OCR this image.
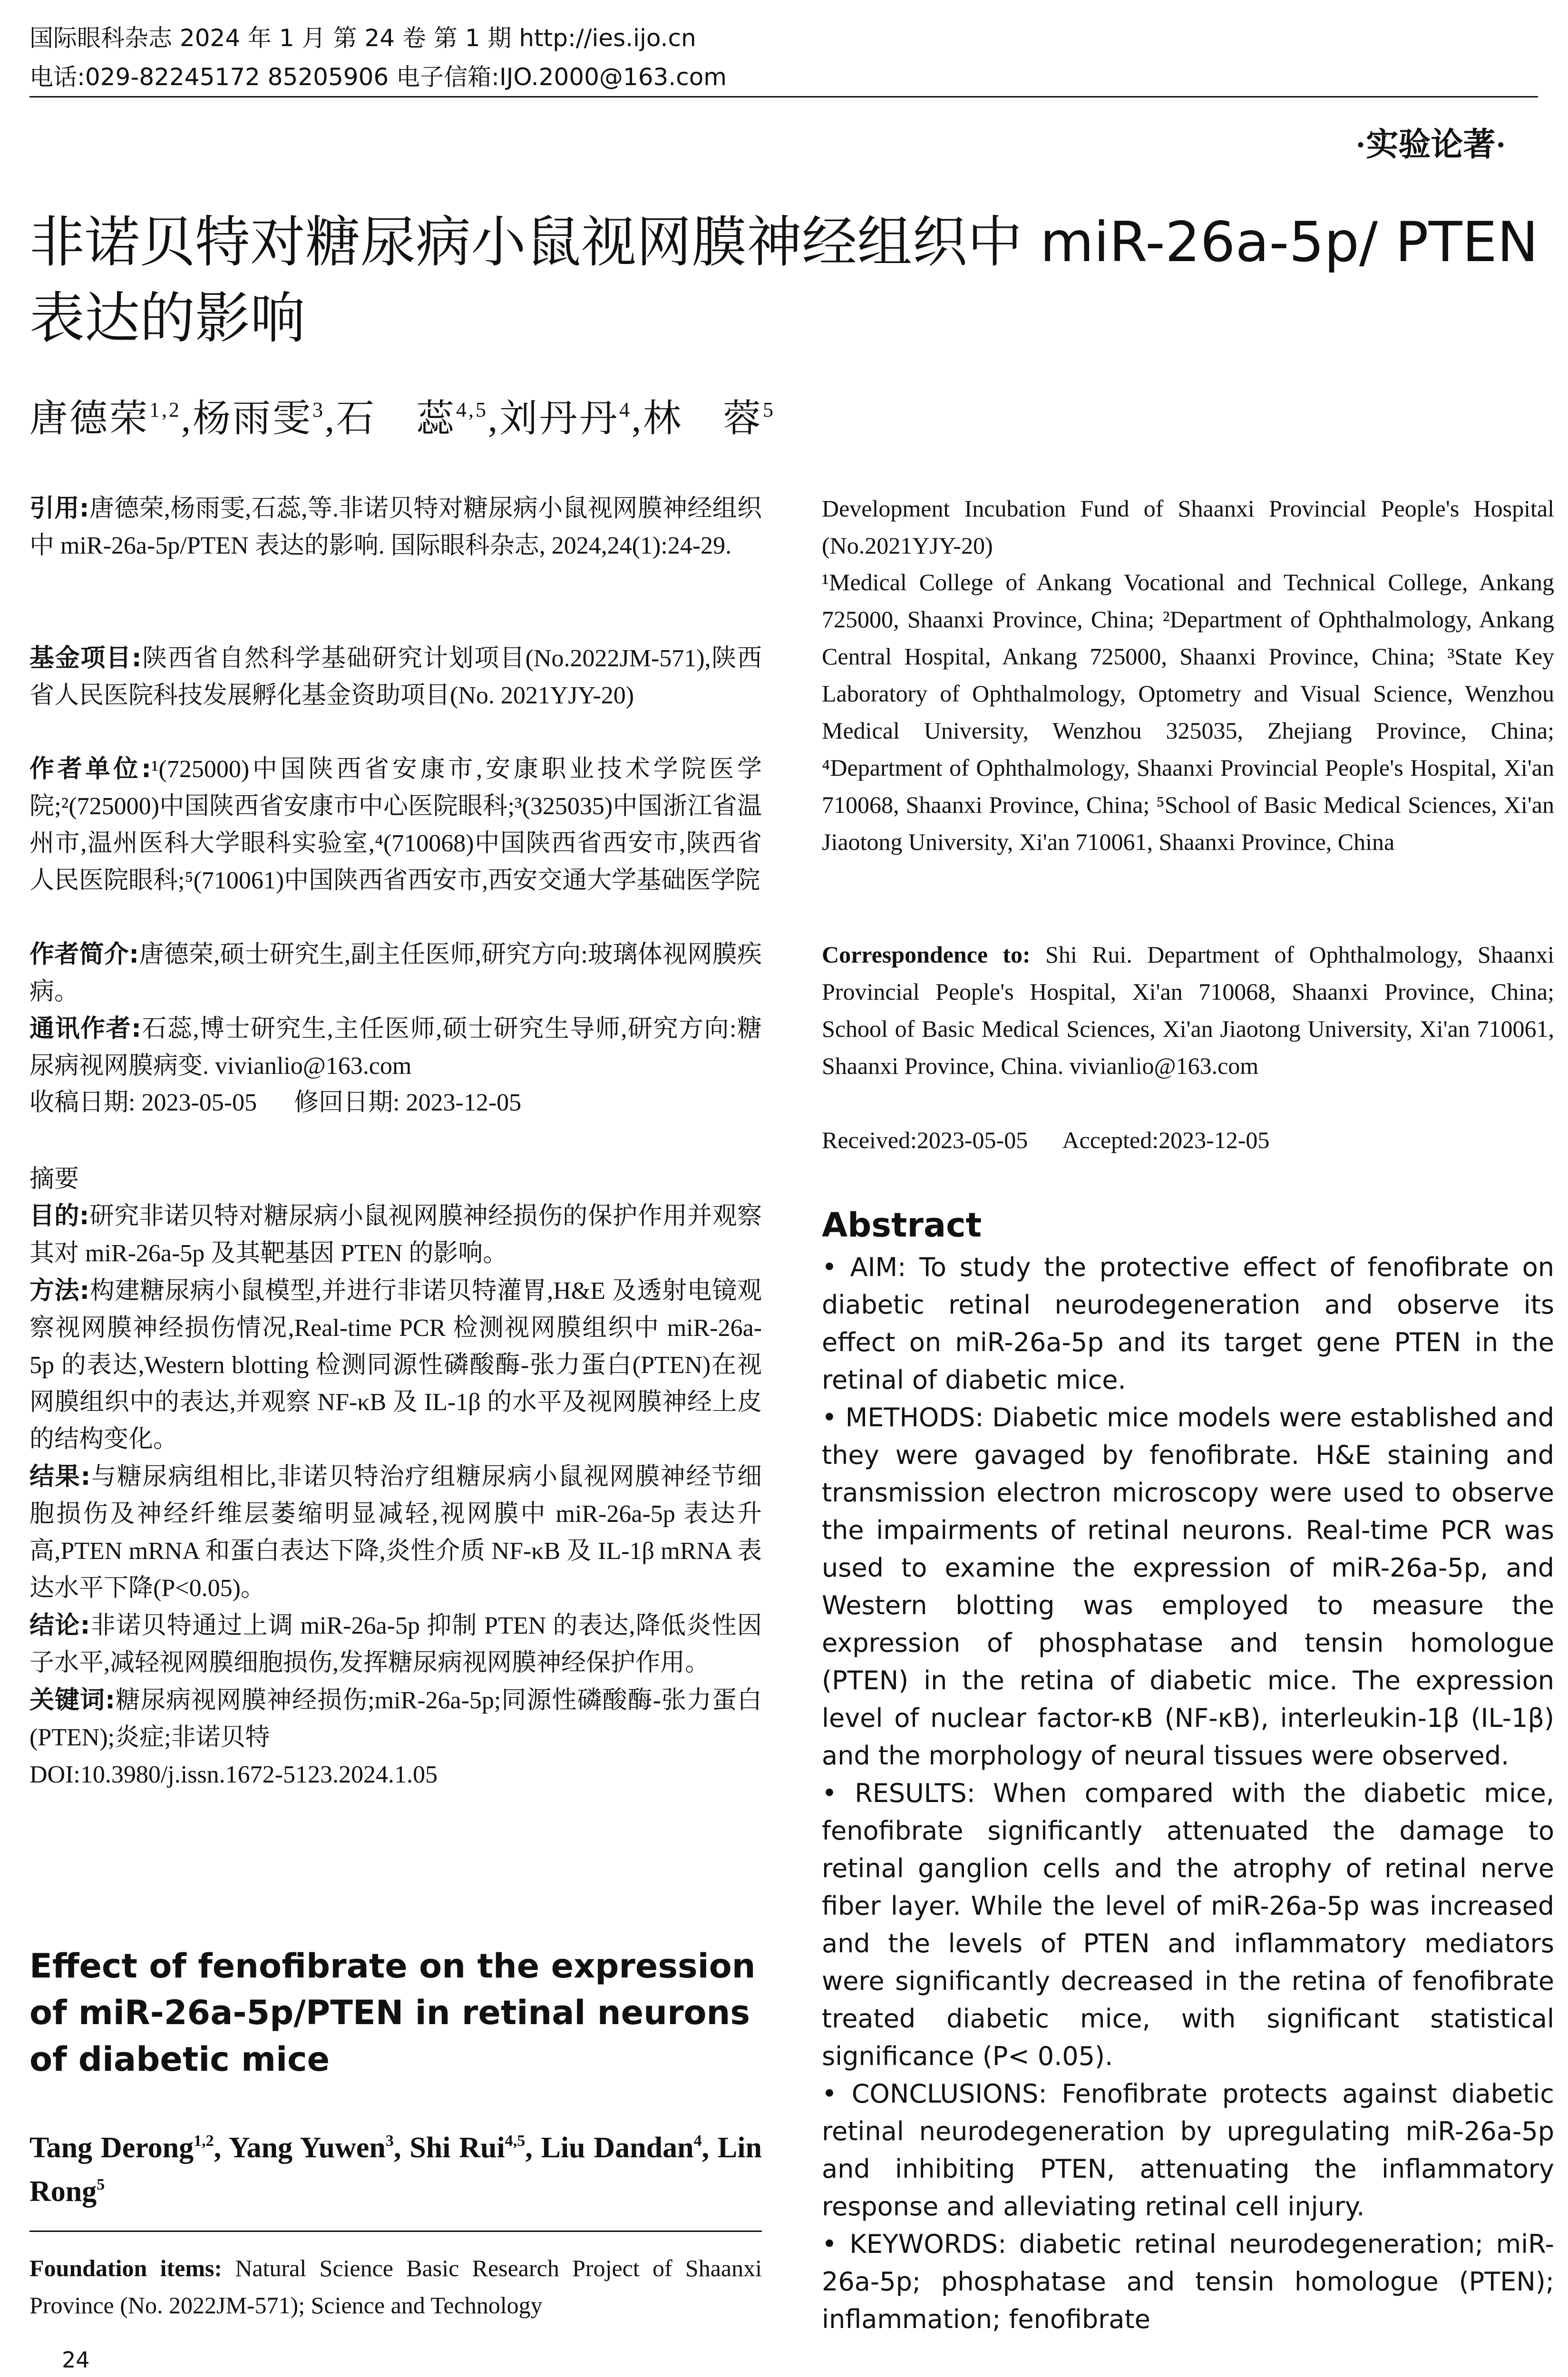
国际眼科杂志 2024 年 1 月 第 24 卷 第 1 期 http://ies.ijo.cn
电话:029-82245172 85205906 电子信箱:IJO.2000@163.com
·实验论著·
非诺贝特对糖尿病小鼠视网膜神经组织中 miR-26a-5p/ PTEN 表达的影响
唐德荣$^{1,2}$,杨雨雯$^3$,石　蕊$^{4,5}$,刘丹丹$^4$,林　蓉$^5$
引用:唐德荣,杨雨雯,石蕊,等.非诺贝特对糖尿病小鼠视网膜神经组织中 miR-26a-5p/PTEN 表达的影响. 国际眼科杂志, 2024,24(1):24-29.
基金项目:陕西省自然科学基础研究计划项目(No.2022JM-571),陕西省人民医院科技发展孵化基金资助项目(No. 2021YJY-20)
作者单位:¹(725000)中国陕西省安康市,安康职业技术学院医学院;²(725000)中国陕西省安康市中心医院眼科;³(325035)中国浙江省温州市,温州医科大学眼科实验室,⁴(710068)中国陕西省西安市,陕西省人民医院眼科;⁵(710061)中国陕西省西安市,西安交通大学基础医学院
作者简介:唐德荣,硕士研究生,副主任医师,研究方向:玻璃体视网膜疾病。
通讯作者:石蕊,博士研究生,主任医师,硕士研究生导师,研究方向:糖尿病视网膜病变. vivianlio@163.com
收稿日期: 2023-05-05      修回日期: 2023-12-05
摘要
目的:研究非诺贝特对糖尿病小鼠视网膜神经损伤的保护作用并观察其对 miR-26a-5p 及其靶基因 PTEN 的影响。
方法:构建糖尿病小鼠模型,并进行非诺贝特灌胃,H&E 及透射电镜观察视网膜神经损伤情况,Real-time PCR 检测视网膜组织中 miR-26a-5p 的表达,Western blotting 检测同源性磷酸酶-张力蛋白(PTEN)在视网膜组织中的表达,并观察 NF-κB 及 IL-1β 的水平及视网膜神经上皮的结构变化。
结果:与糖尿病组相比,非诺贝特治疗组糖尿病小鼠视网膜神经节细胞损伤及神经纤维层萎缩明显减轻,视网膜中 miR-26a-5p 表达升高,PTEN mRNA 和蛋白表达下降,炎性介质 NF-κB 及 IL-1β mRNA 表达水平下降(P<0.05)。
结论:非诺贝特通过上调 miR-26a-5p 抑制 PTEN 的表达,降低炎性因子水平,减轻视网膜细胞损伤,发挥糖尿病视网膜神经保护作用。
关键词:糖尿病视网膜神经损伤;miR-26a-5p;同源性磷酸酶-张力蛋白(PTEN);炎症;非诺贝特
DOI:10.3980/j.issn.1672-5123.2024.1.05
Effect of fenofibrate on the expression of miR-26a-5p/PTEN in retinal neurons of diabetic mice
Tang Derong$^{1,2}$, Yang Yuwen$^3$, Shi Rui$^{4,5}$, Liu Dandan$^4$, Lin Rong$^5$
Foundation items: Natural Science Basic Research Project of Shaanxi Province (No. 2022JM-571); Science and Technology
Development Incubation Fund of Shaanxi Provincial People's Hospital (No.2021YJY-20)
¹Medical College of Ankang Vocational and Technical College, Ankang 725000, Shaanxi Province, China; ²Department of Ophthalmology, Ankang Central Hospital, Ankang 725000, Shaanxi Province, China; ³State Key Laboratory of Ophthalmology, Optometry and Visual Science, Wenzhou Medical University, Wenzhou 325035, Zhejiang Province, China; ⁴Department of Ophthalmology, Shaanxi Provincial People's Hospital, Xi'an 710068, Shaanxi Province, China; ⁵School of Basic Medical Sciences, Xi'an Jiaotong University, Xi'an 710061, Shaanxi Province, China
Correspondence to: Shi Rui. Department of Ophthalmology, Shaanxi Provincial People's Hospital, Xi'an 710068, Shaanxi Province, China; School of Basic Medical Sciences, Xi'an Jiaotong University, Xi'an 710061, Shaanxi Province, China. vivianlio@163.com
Received:2023-05-05      Accepted:2023-12-05
Abstract
• AIM: To study the protective effect of fenofibrate on diabetic retinal neurodegeneration and observe its effect on miR-26a-5p and its target gene PTEN in the retinal of diabetic mice.
• METHODS: Diabetic mice models were established and they were gavaged by fenofibrate. H&E staining and transmission electron microscopy were used to observe the impairments of retinal neurons. Real-time PCR was used to examine the expression of miR-26a-5p, and Western blotting was employed to measure the expression of phosphatase and tensin homologue (PTEN) in the retina of diabetic mice. The expression level of nuclear factor-κB (NF-κB), interleukin-1β (IL-1β) and the morphology of neural tissues were observed.
• RESULTS: When compared with the diabetic mice, fenofibrate significantly attenuated the damage to retinal ganglion cells and the atrophy of retinal nerve fiber layer. While the level of miR-26a-5p was increased and the levels of PTEN and inflammatory mediators were significantly decreased in the retina of fenofibrate treated diabetic mice, with significant statistical significance (P< 0.05).
• CONCLUSIONS: Fenofibrate protects against diabetic retinal neurodegeneration by upregulating miR-26a-5p and inhibiting PTEN, attenuating the inflammatory response and alleviating retinal cell injury.
• KEYWORDS: diabetic retinal neurodegeneration; miR-26a-5p; phosphatase and tensin homologue (PTEN); inflammation; fenofibrate
24
